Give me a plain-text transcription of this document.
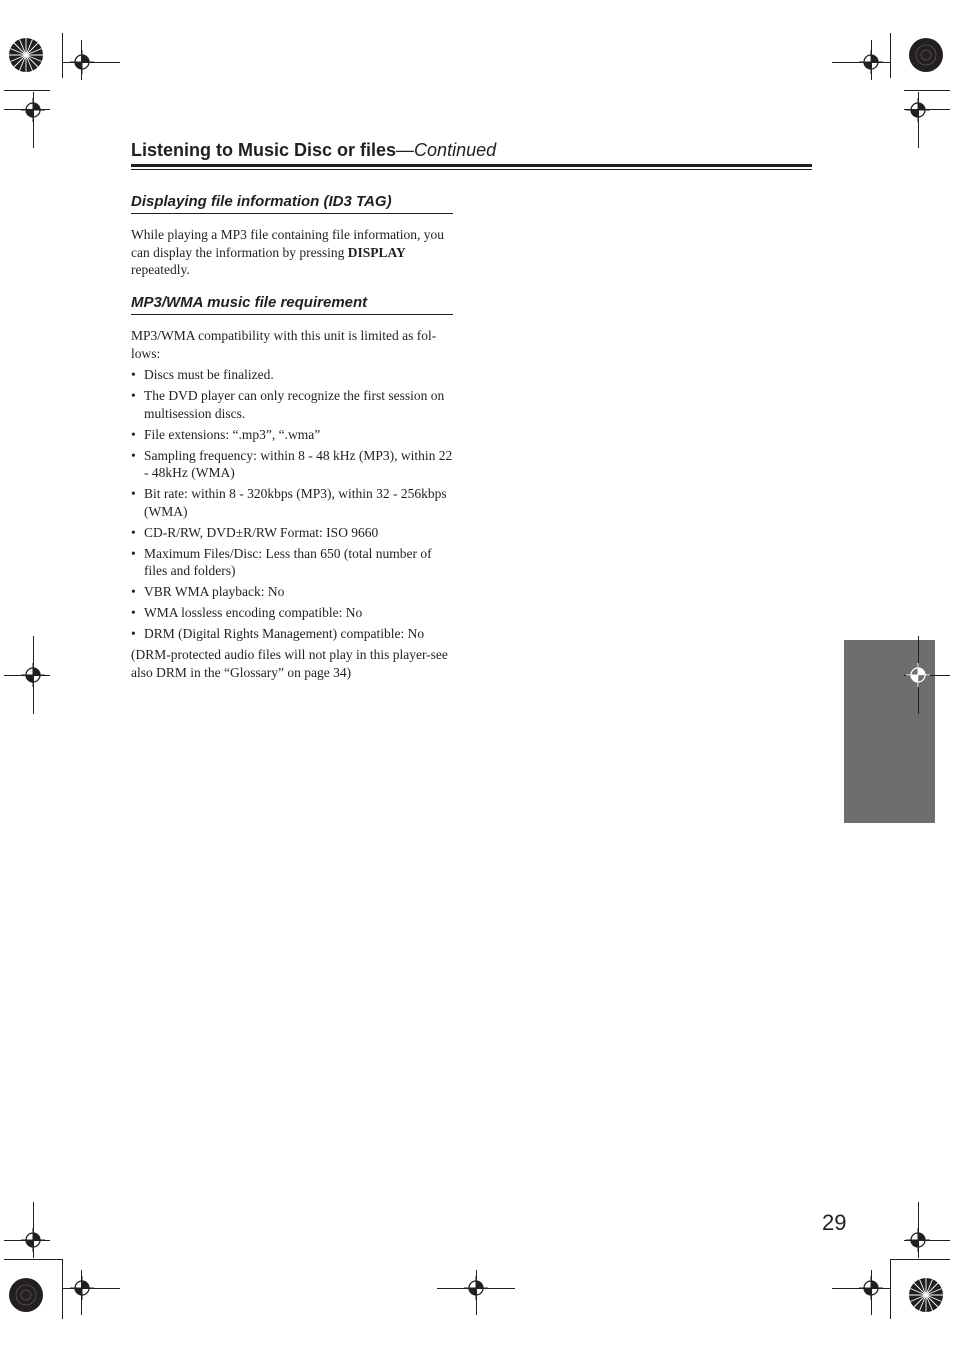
Listening to Music Disc or files—Continued
Displaying file information (ID3 TAG)
While playing a MP3 file containing file information, you can display the information by pressing DISPLAY repeatedly.
MP3/WMA music file requirement
MP3/WMA compatibility with this unit is limited as fol-lows:
• Discs must be finalized.
• The DVD player can only recognize the first session on multisession discs.
• File extensions: “.mp3”, “.wma”
• Sampling frequency: within 8 - 48 kHz (MP3), within 22 - 48kHz (WMA)
• Bit rate: within 8 - 320kbps (MP3), within 32 - 256kbps (WMA)
• CD-R/RW, DVD±R/RW Format: ISO 9660
• Maximum Files/Disc: Less than 650 (total number of files and folders)
• VBR WMA playback: No
• WMA lossless encoding compatible: No
• DRM (Digital Rights Management) compatible: No
(DRM-protected audio files will not play in this player-see also DRM in the “Glossary” on page 34)
29
